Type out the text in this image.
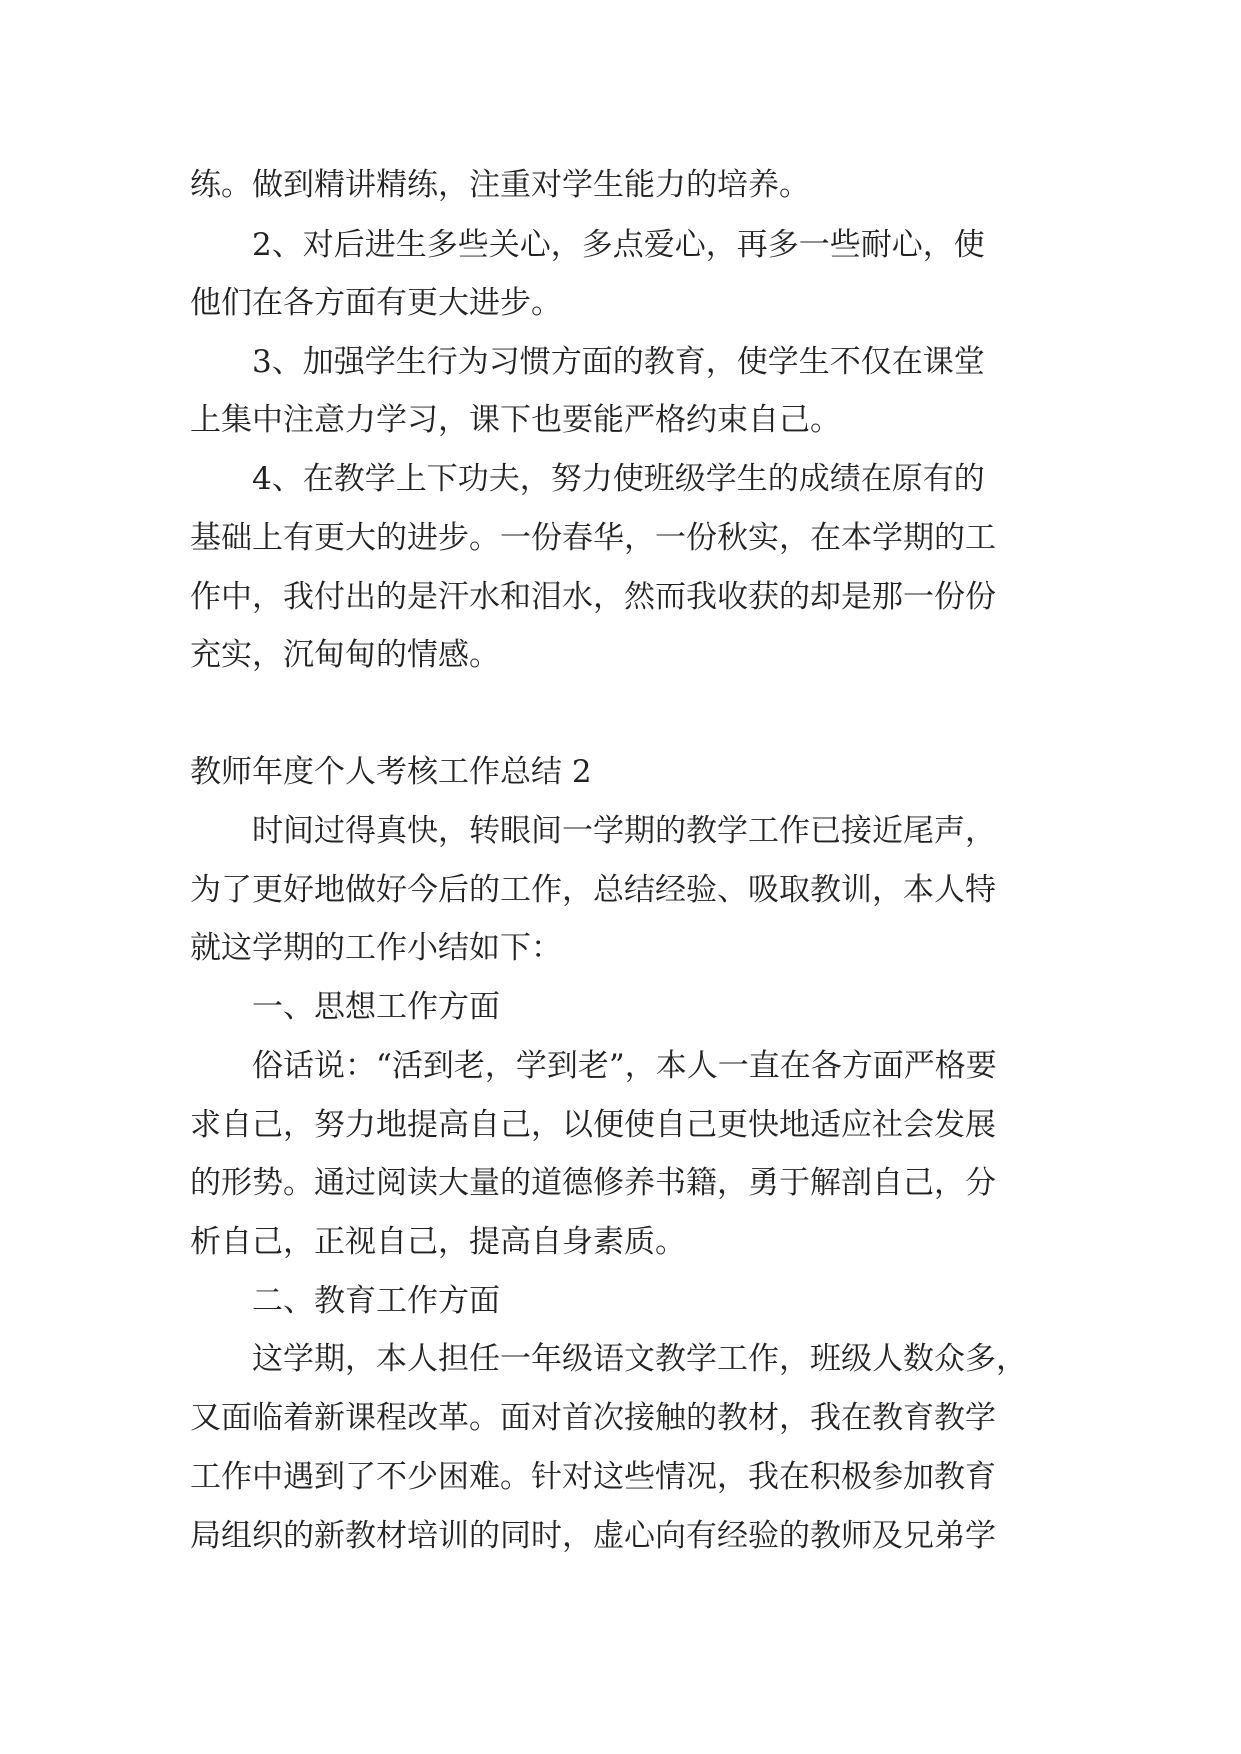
练。做到精讲精练，注重对学生能力的培养。
2、对后进生多些关心，多点爱心，再多一些耐心，使
他们在各方面有更大进步。
3、加强学生行为习惯方面的教育，使学生不仅在课堂
上集中注意力学习，课下也要能严格约束自己。
4、在教学上下功夫，努力使班级学生的成绩在原有的
基础上有更大的进步。一份春华，一份秋实，在本学期的工
作中，我付出的是汗水和泪水，然而我收获的却是那一份份
充实，沉甸甸的情感。
教师年度个人考核工作总结 2
时间过得真快，转眼间一学期的教学工作已接近尾声，
为了更好地做好今后的工作，总结经验、吸取教训，本人特
就这学期的工作小结如下：
一、思想工作方面
俗话说：“活到老，学到老”，本人一直在各方面严格要
求自己，努力地提高自己，以便使自己更快地适应社会发展
的形势。通过阅读大量的道德修养书籍，勇于解剖自己，分
析自己，正视自己，提高自身素质。
二、教育工作方面
这学期，本人担任一年级语文教学工作，班级人数众多，
又面临着新课程改革。面对首次接触的教材，我在教育教学
工作中遇到了不少困难。针对这些情况，我在积极参加教育
局组织的新教材培训的同时，虚心向有经验的教师及兄弟学
